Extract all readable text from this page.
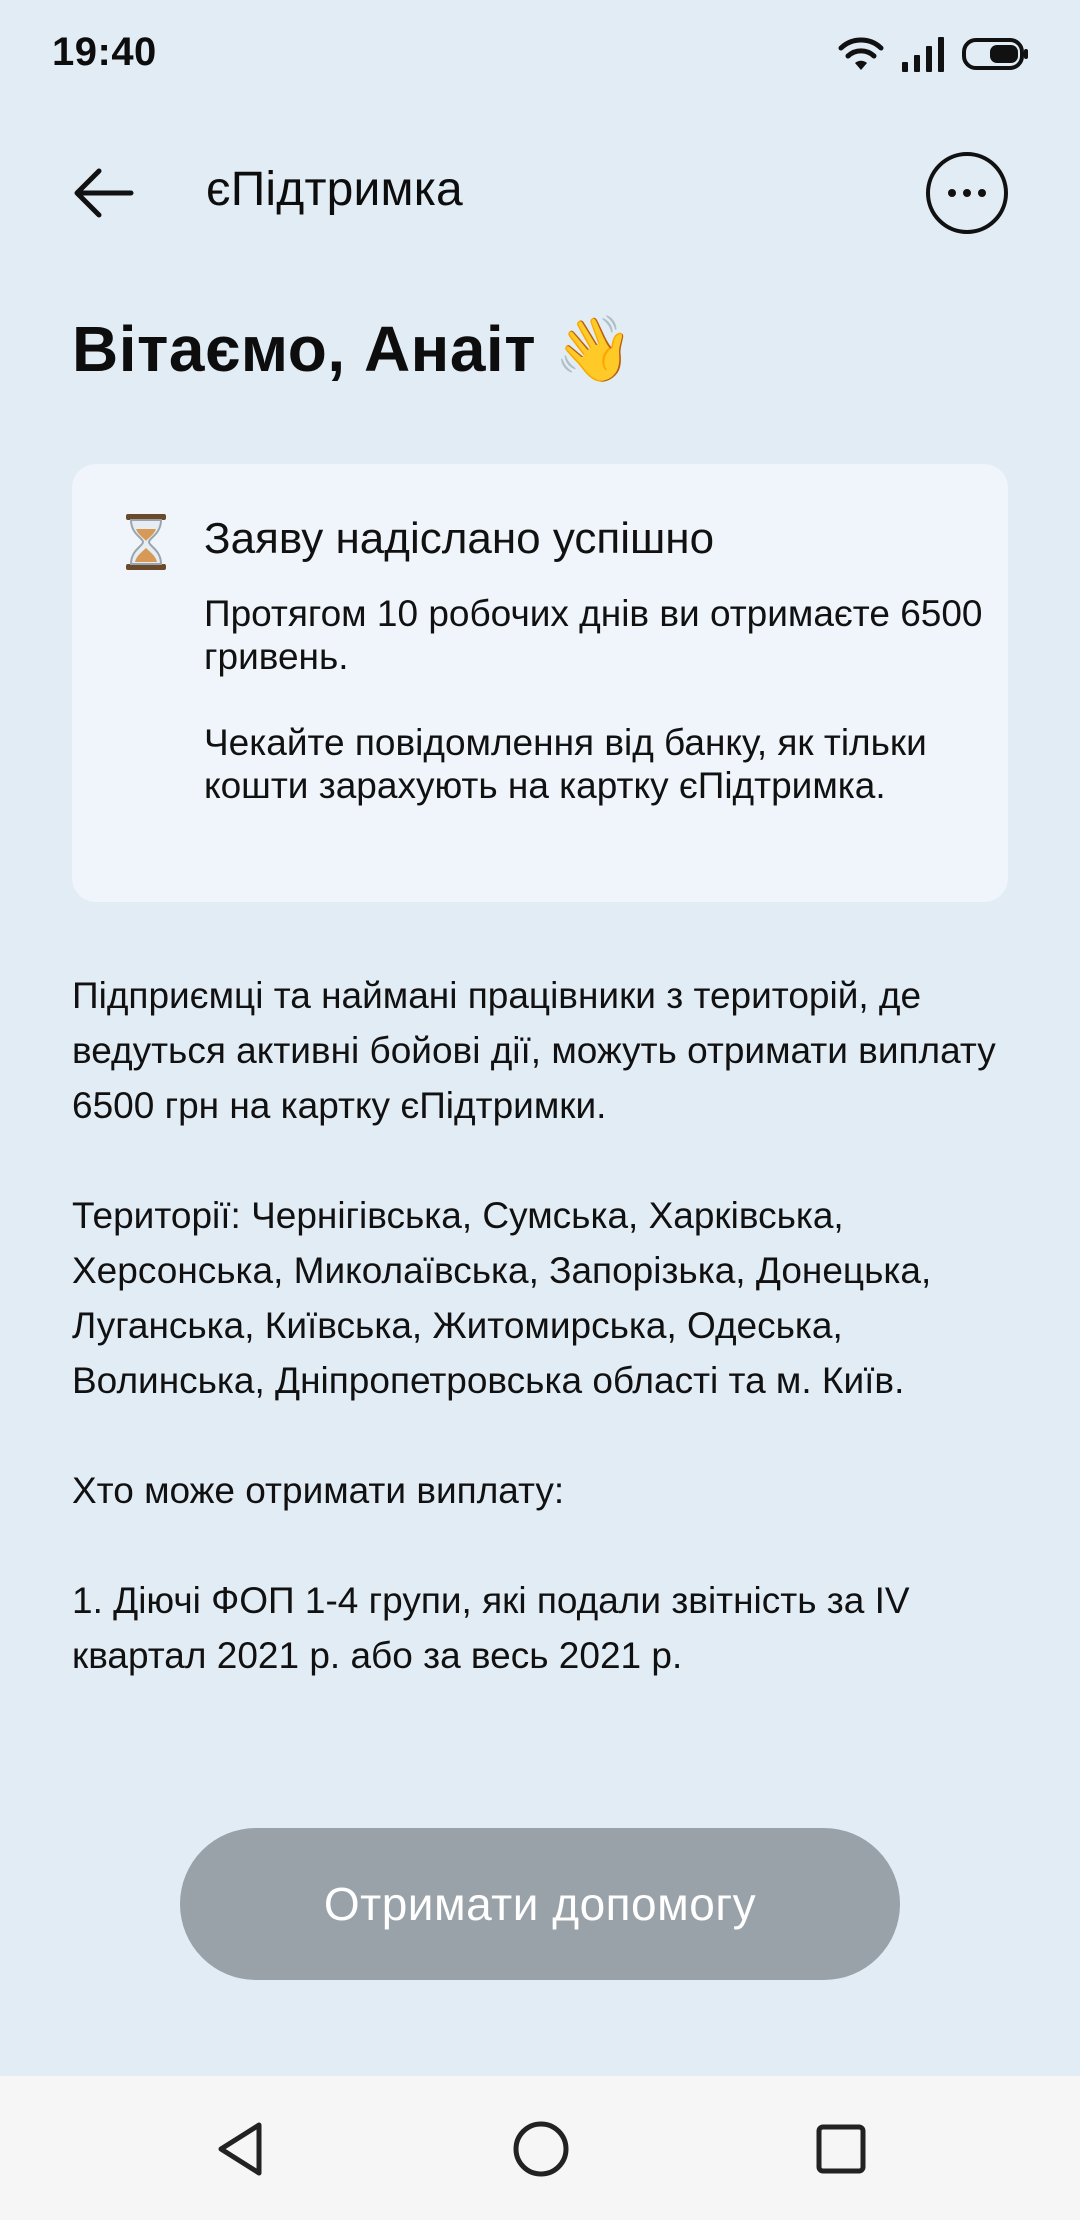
19:40
єПідтримка
Вітаємо, Анаіт 👋
Заяву надіслано успішно

Протягом 10 робочих днів ви отримаєте 6500 гривень.

Чекайте повідомлення від банку, як тільки кошти зарахують на картку єПідтримка.

Підприємці та наймані працівники з територій, де ведуться активні бойові дії, можуть отримати виплату 6500 грн на картку єПідтримки.

Території: Чернігівська, Сумська, Харківська, Херсонська, Миколаївська, Запорізька, Донецька, Луганська, Київська, Житомирська, Одеська, Волинська, Дніпропетровська області та м. Київ.

Хто може отримати виплату:

1. Діючі ФОП 1-4 групи, які подали звітність за IV квартал 2021 р. або за весь 2021 р.

Отримати допомогу
